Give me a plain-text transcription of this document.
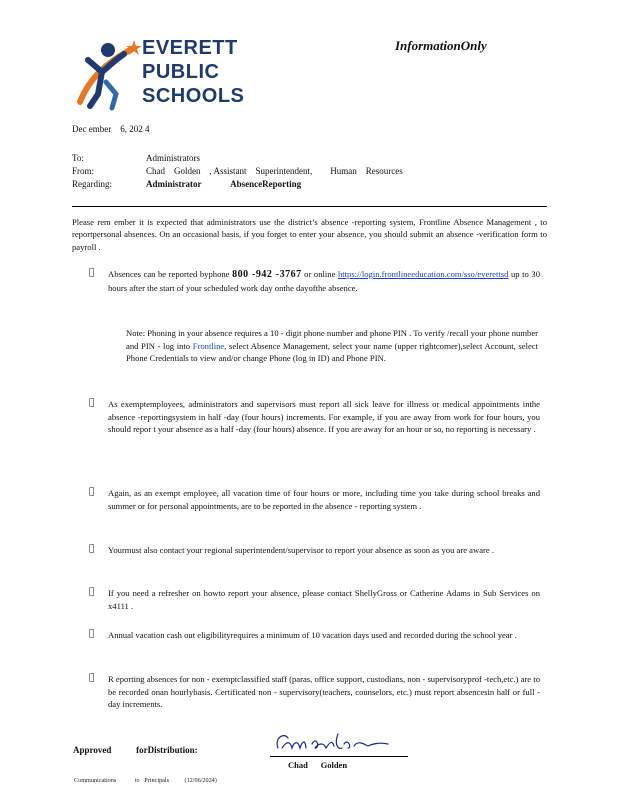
EVERETT
PUBLIC
SCHOOLS
InformationOnly
Dec ember    6, 202 4
To:	Administrators
From:	Chad    Golden    , Assistant    Superintendent,        Human    Resources
Regarding:	Administrator             AbsenceReporting
Please rem ember it is expected that administrators use the district’s absence -reporting system, Frontline Absence Management , to reportpersonal absences. On an occasional basis, if you forget to enter your absence, you should submit an absence -verification form to payroll .
Absences can be reported byphone 800 -942 -3767 or online https://login.frontlineeducation.com/sso/everettsd up to 30 hours after the start of your scheduled work day onthe dayofthe absence.
Note: Phoning in your absence requires a 10 - digit phone number and phone PIN . To verify /recall your phone number and PIN - log into Frontline, select Absence Management, select your name (upper rightcorner),select Account, select Phone Credentials to view and/or change Phone (log in ID) and Phone PIN.
As exemptemployees, administrators and supervisors must report all sick leave for illness or medical appointments inthe absence -reportingsystem in half -day (four hours) increments. For example, if you are away from work for four hours, you should repor t your absence as a half -day (four hours) absence. If you are away for an hour or so, no reporting is necessary .
Again, as an exempt employee, all vacation time of four hours or more, including time you take during school breaks and summer or for personal appointments, are to be reported in the absence - reporting system .
Yourmust also contact your regional superintendent/supervisor to report your absence as soon as you are aware .
If you need a refresher on howto report your absence, please contact ShellyGross or Catherine Adams in Sub Services on x4111 .
Annual vacation cash out eligibilityrequires a minimum of 10 vacation days used and recorded during the school year .
R eporting absences for non - exemptclassified staff (paras, office support, custodians, non - supervisoryprof -tech,etc.) are to be recorded onan hourlybasis. Certificated non - supervisory(teachers, counselors, etc.) must report absencesin half or full -day increments.
Approved           forDistribution:
Chad      Golden
Communications            to   Principals          (12/06/2024)
